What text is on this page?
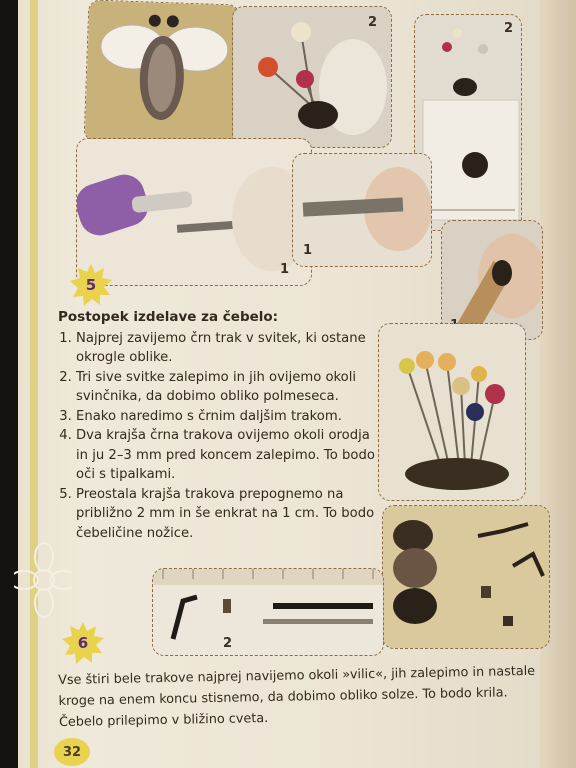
2	2
1
1
5
Postopek izdelave za čebelo:
1. Najprej zavijemo črn trak v svitek, ki ostane okrogle oblike.
2. Tri sive svitke zalepimo in jih ovijemo okoli svinčnika, da dobimo obliko polmeseca.
3. Enako naredimo s črnim daljšim trakom.
4. Dva krajša črna trakova ovijemo okoli orodja in ju 2–3 mm pred koncem zalepimo. To bodo oči s tipalkami.
5. Preostala krajša trakova prepognemo na približno 2 mm in še enkrat na 1 cm. To bodo čebeličine nožice.
2
6
Vse štiri bele trakove najprej navijemo okoli »vilic«, jih zalepimo in nastale kroge na enem koncu stisnemo, da dobimo obliko solze. To bodo krila. Čebelo prilepimo v bližino cveta.
32
